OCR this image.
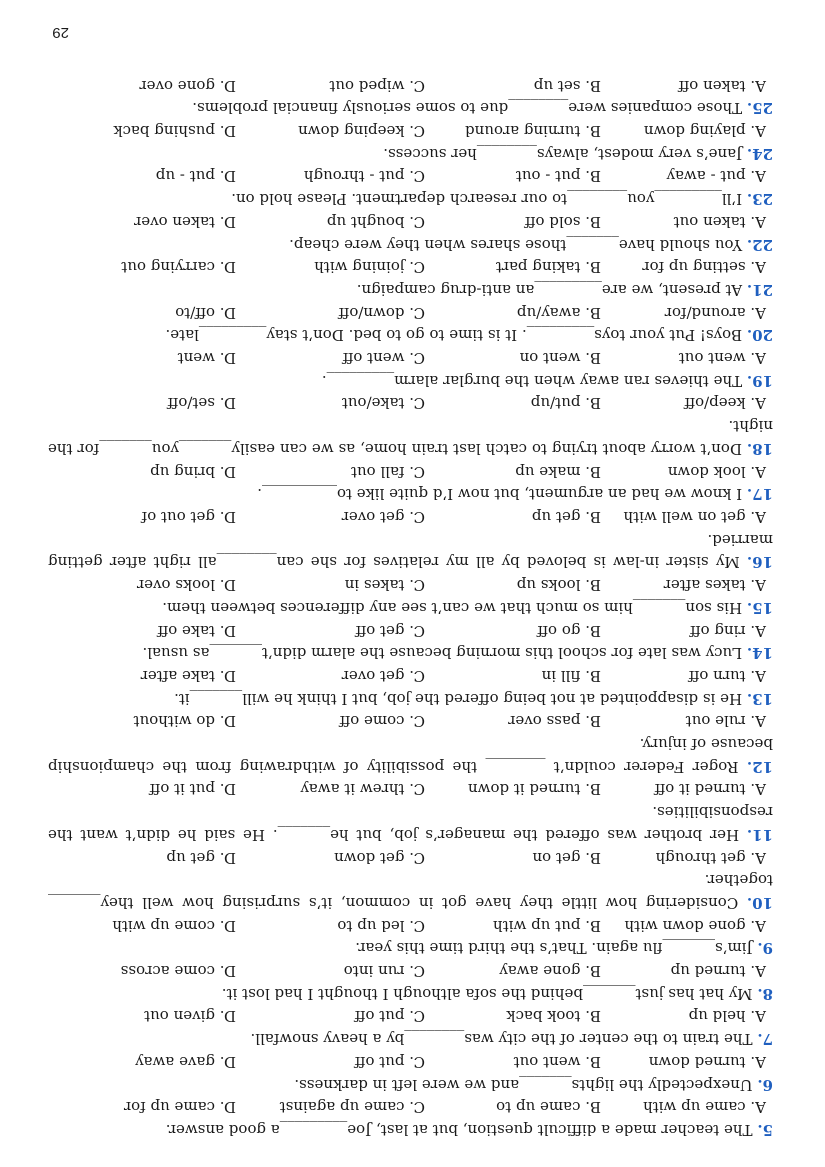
5. The teacher made a difficult question, but at last, Joe_________a good answer.
A. came up with
B. came up to
C. came up against
D. came up for
6. Unexpectedly the lights_______and we were left in darkness.
A. turned down
B. went out
C. put off
D. gave away
7. The train to the center of the city was________by a heavy snowfall.
A. held up
B. took back
C. put off
D. given out
8. My hat has just_______behind the sofa although I thought I had lost it.
A. turned up
B. gone away
C. run into
D. come across
9. Jim’s_______flu again. That’s the third time this year.
A. gone down with
B. put up with
C. led up to
D. come up with
10. Considering how little they have got in common, it’s surprising how well they_______ together.
A. get through
B. get on
C. get down
D. get up
11. Her brother was offered the manager’s job, but he_______. He said he didn’t want the responsibilities.
A. turned it off
B. turned it down
C. threw it away
D. put it off
12. Roger Federer couldn’t ________ the possibility of withdrawing from the championship because of injury.
A. rule out
B. pass over
C. come off
D. do without
13. He is disappointed at not being offered the job, but I think he will_______it.
A. turn off
B. fill in
C. get over
D. take after
14. Lucy was late for school this morning because the alarm didn’t_______as usual.
A. ring off
B. go off
C. get off
D. take off
15. His son_______him so much that we can’t see any differences between them.
A. takes after
B. looks up
C. takes in
D. looks over
16. My sister in-law is beloved by all my relatives for she can________all right after getting married.
A. get on well with
B. get up
C. get over
D. get out of
17. I know we had an argument, but now I’d quite like to__________.
A. look down
B. make up
C. fall out
D. bring up
18. Don’t worry about trying to catch last train home, as we can easily_______you_______for the night.
A. keep/off
B. put/up
C. take/out
D. set/off
19. The thieves ran away when the burglar alarm_________.
A. went out
B. went on
C. went off
D. went
20. Boys! Put your toys_________. It is time to go to bed. Don’t stay_________late.
A. around/for
B. away/up
C. down/off
D. off/to
21. At present, we are_________an anti-drug campaign.
A. setting up for
B. taking part
C. joining with
D. carrying out
22. You should have_______those shares when they were cheap.
A. taken out
B. sold off
C. bought up
D. taken over
23. I’ll_________you________to our research department. Please hold on.
A. put - away
B. put - out
C. put - through
D. put - up
24. Jane’s very modest, always________her success.
A. playing down
B. turning around
C. keeping down
D. pushing back
25. Those companies were________due to some seriously financial problems.
A. taken off
B. set up
C. wiped out
D. gone over
29
